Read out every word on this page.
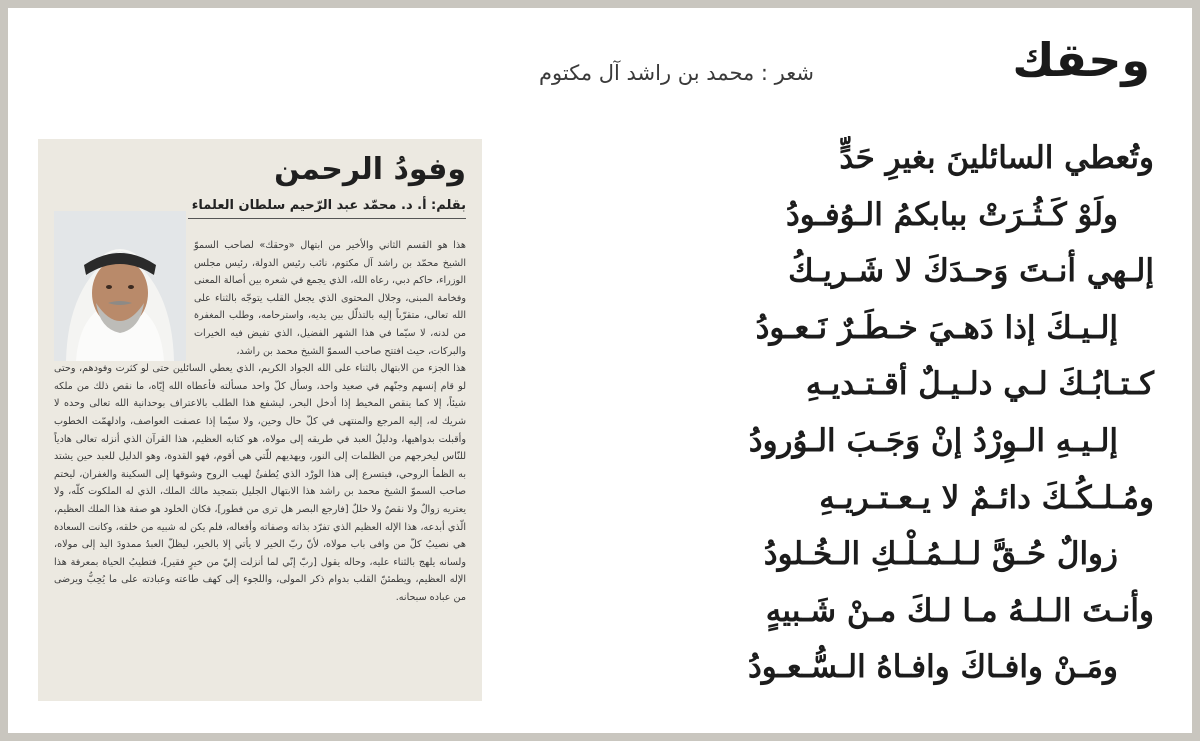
وحقك
شعر : محمد بن راشد آل مكتوم
وفودُ الرحمن
بقلم: أ. د. محمّد عبد الرّحيم سلطان العلماء

هذا هو القسم الثاني والأخير من ابتهال «وحقك» لصاحب السموّ الشيخ محمّد بن راشد آل مكتوم، نائب رئيس الدولة، رئيس مجلس الوزراء، حاكم دبي، رعاه الله، الذي يجمع في شعره بين أصالة المعنى وفخامة المبنى، وجلال المحتوى الذي يجعل القلب يتوجّه بالثناء على الله تعالى، متقرّباً إليه بالتذلّل بين يديه، واسترحامه، وطلب المغفرة من لدنه، لا سيّما في هذا الشهر الفضيل، الذي تفيض فيه الخيرات والبركات، حيث افتتح صاحب السموّ الشيخ محمد بن راشد،

هذا الجزء من الابتهال بالثناء على الله الجواد الكريم، الذي يعطي السائلين حتى لو كثرت وفودهم، وحتى لو قام إنسهم وجنّهم في صعيد واحد، وسأل كلّ واحد مسألته فأعطاه الله إيّاه، ما نقص ذلك من ملكه شيئاً، إلا كما ينقص المخيط إذا أدخل البحر، ليشفع هذا الطلب بالاعتراف بوحدانية الله تعالى وحده لا شريك له، إليه المرجع والمنتهى في كلّ حال وحين، ولا سيّما إذا عصفت العواصف، وادلهمّت الخطوب وأقبلت بدواهيها، ودليلُ العبد في طريقه إلى مولاه، هو كتابه العظيم، هذا القرآن الذي أنزله تعالى هادياً للنّاس ليخرجهم من الظلمات إلى النور، ويهديهم للّتي هي أقوم، فهو القدوة، وهو الدليل للعبد حين يشتد به الظمأ الروحي، فيتسرع إلى هذا الورْد الذي يُطفئُ لهيب الروح وشوقها إلى السكينة والغفران، ليختم صاحب السموّ الشيخ محمد بن راشد هذا الابتهال الجليل بتمجيد مالك الملك، الذي له الملكوت كلّه، ولا يعتريه زوالٌ ولا نقصٌ ولا خللٌ [فارجع البصر هل ترى من فطور]، فكان الخلود هو صفة هذا الملك العظيم، الّذي أبدعه، هذا الإله العظيم الذي تفرّد بذاته وصفاته وأفعاله، فلم يكن له شبيه من خلقه، وكانت السعادة هي نصيبُ كلّ من وافى باب مولاه، لأنّ ربّ الخير لا يأتي إلا بالخير، ليظلّ العبدُ ممدودَ اليد إلى مولاه، ولسانه يلهج بالثناء عليه، وحاله يقول [ربّ إنّي لما أنزلت إليّ من خيرٍ فقير]، فتطيبُ الحياة بمعرفة هذا الإله العظيم، ويطمئنّ القلب بدوام ذكر المولى، واللجوء إلى كهف طاعته وعبادته على ما يُحِبُّ ويرضى من عباده سبحانه.

وتُعطي السائلينَ بغيرِ حَدٍّ
ولَوْ كَـثُـرَتْ ببابكمُ الـوُفـودُ
إلـهي أنـتَ وَحـدَكَ لا شَـريـكُ
إلـيـكَ إذا دَهـيَ خـطَـرٌ نَـعـودُ
كـتـابُـكَ لـي دلـيـلٌ أقـتـديـهِ
إلـيـهِ الـوِرْدُ إنْ وَجَـبَ الـوُرودُ
ومُـلـكُـكَ دائـمٌ لا يـعـتـريـهِ
زوالٌ حُـقَّ لـلـمُـلْـكِ الـخُـلودُ
وأنـتَ الـلـهُ مـا لـكَ مـنْ شَـبيهٍ
ومَـنْ وافـاكَ وافـاهُ الـسُّـعـودُ
